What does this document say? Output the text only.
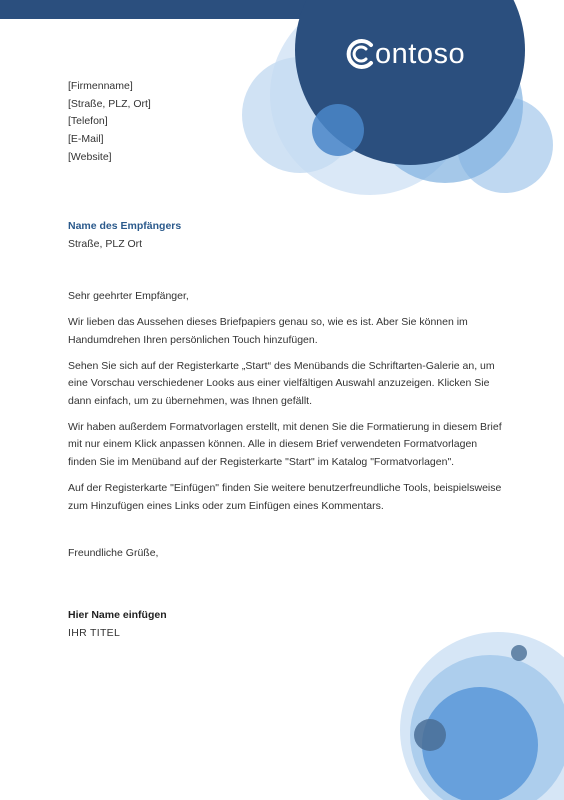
ontoso
[Firmenname]
[Straße, PLZ, Ort]
[Telefon]
[E-Mail]
[Website]
Name des Empfängers
Straße, PLZ Ort

Sehr geehrter Empfänger,

Wir lieben das Aussehen dieses Briefpapiers genau so, wie es ist. Aber Sie können im Handumdrehen Ihren persönlichen Touch hinzufügen.

Sehen Sie sich auf der Registerkarte „Start“ des Menübands die Schriftarten-Galerie an, um eine Vorschau verschiedener Looks aus einer vielfältigen Auswahl anzuzeigen. Klicken Sie dann einfach, um zu übernehmen, was Ihnen gefällt.

Wir haben außerdem Formatvorlagen erstellt, mit denen Sie die Formatierung in diesem Brief mit nur einem Klick anpassen können. Alle in diesem Brief verwendeten Formatvorlagen finden Sie im Menüband auf der Registerkarte "Start" im Katalog "Formatvorlagen".

Auf der Registerkarte "Einfügen" finden Sie weitere benutzerfreundliche Tools, beispielsweise zum Hinzufügen eines Links oder zum Einfügen eines Kommentars.

Freundliche Grüße,
Hier Name einfügen
IHR TITEL
